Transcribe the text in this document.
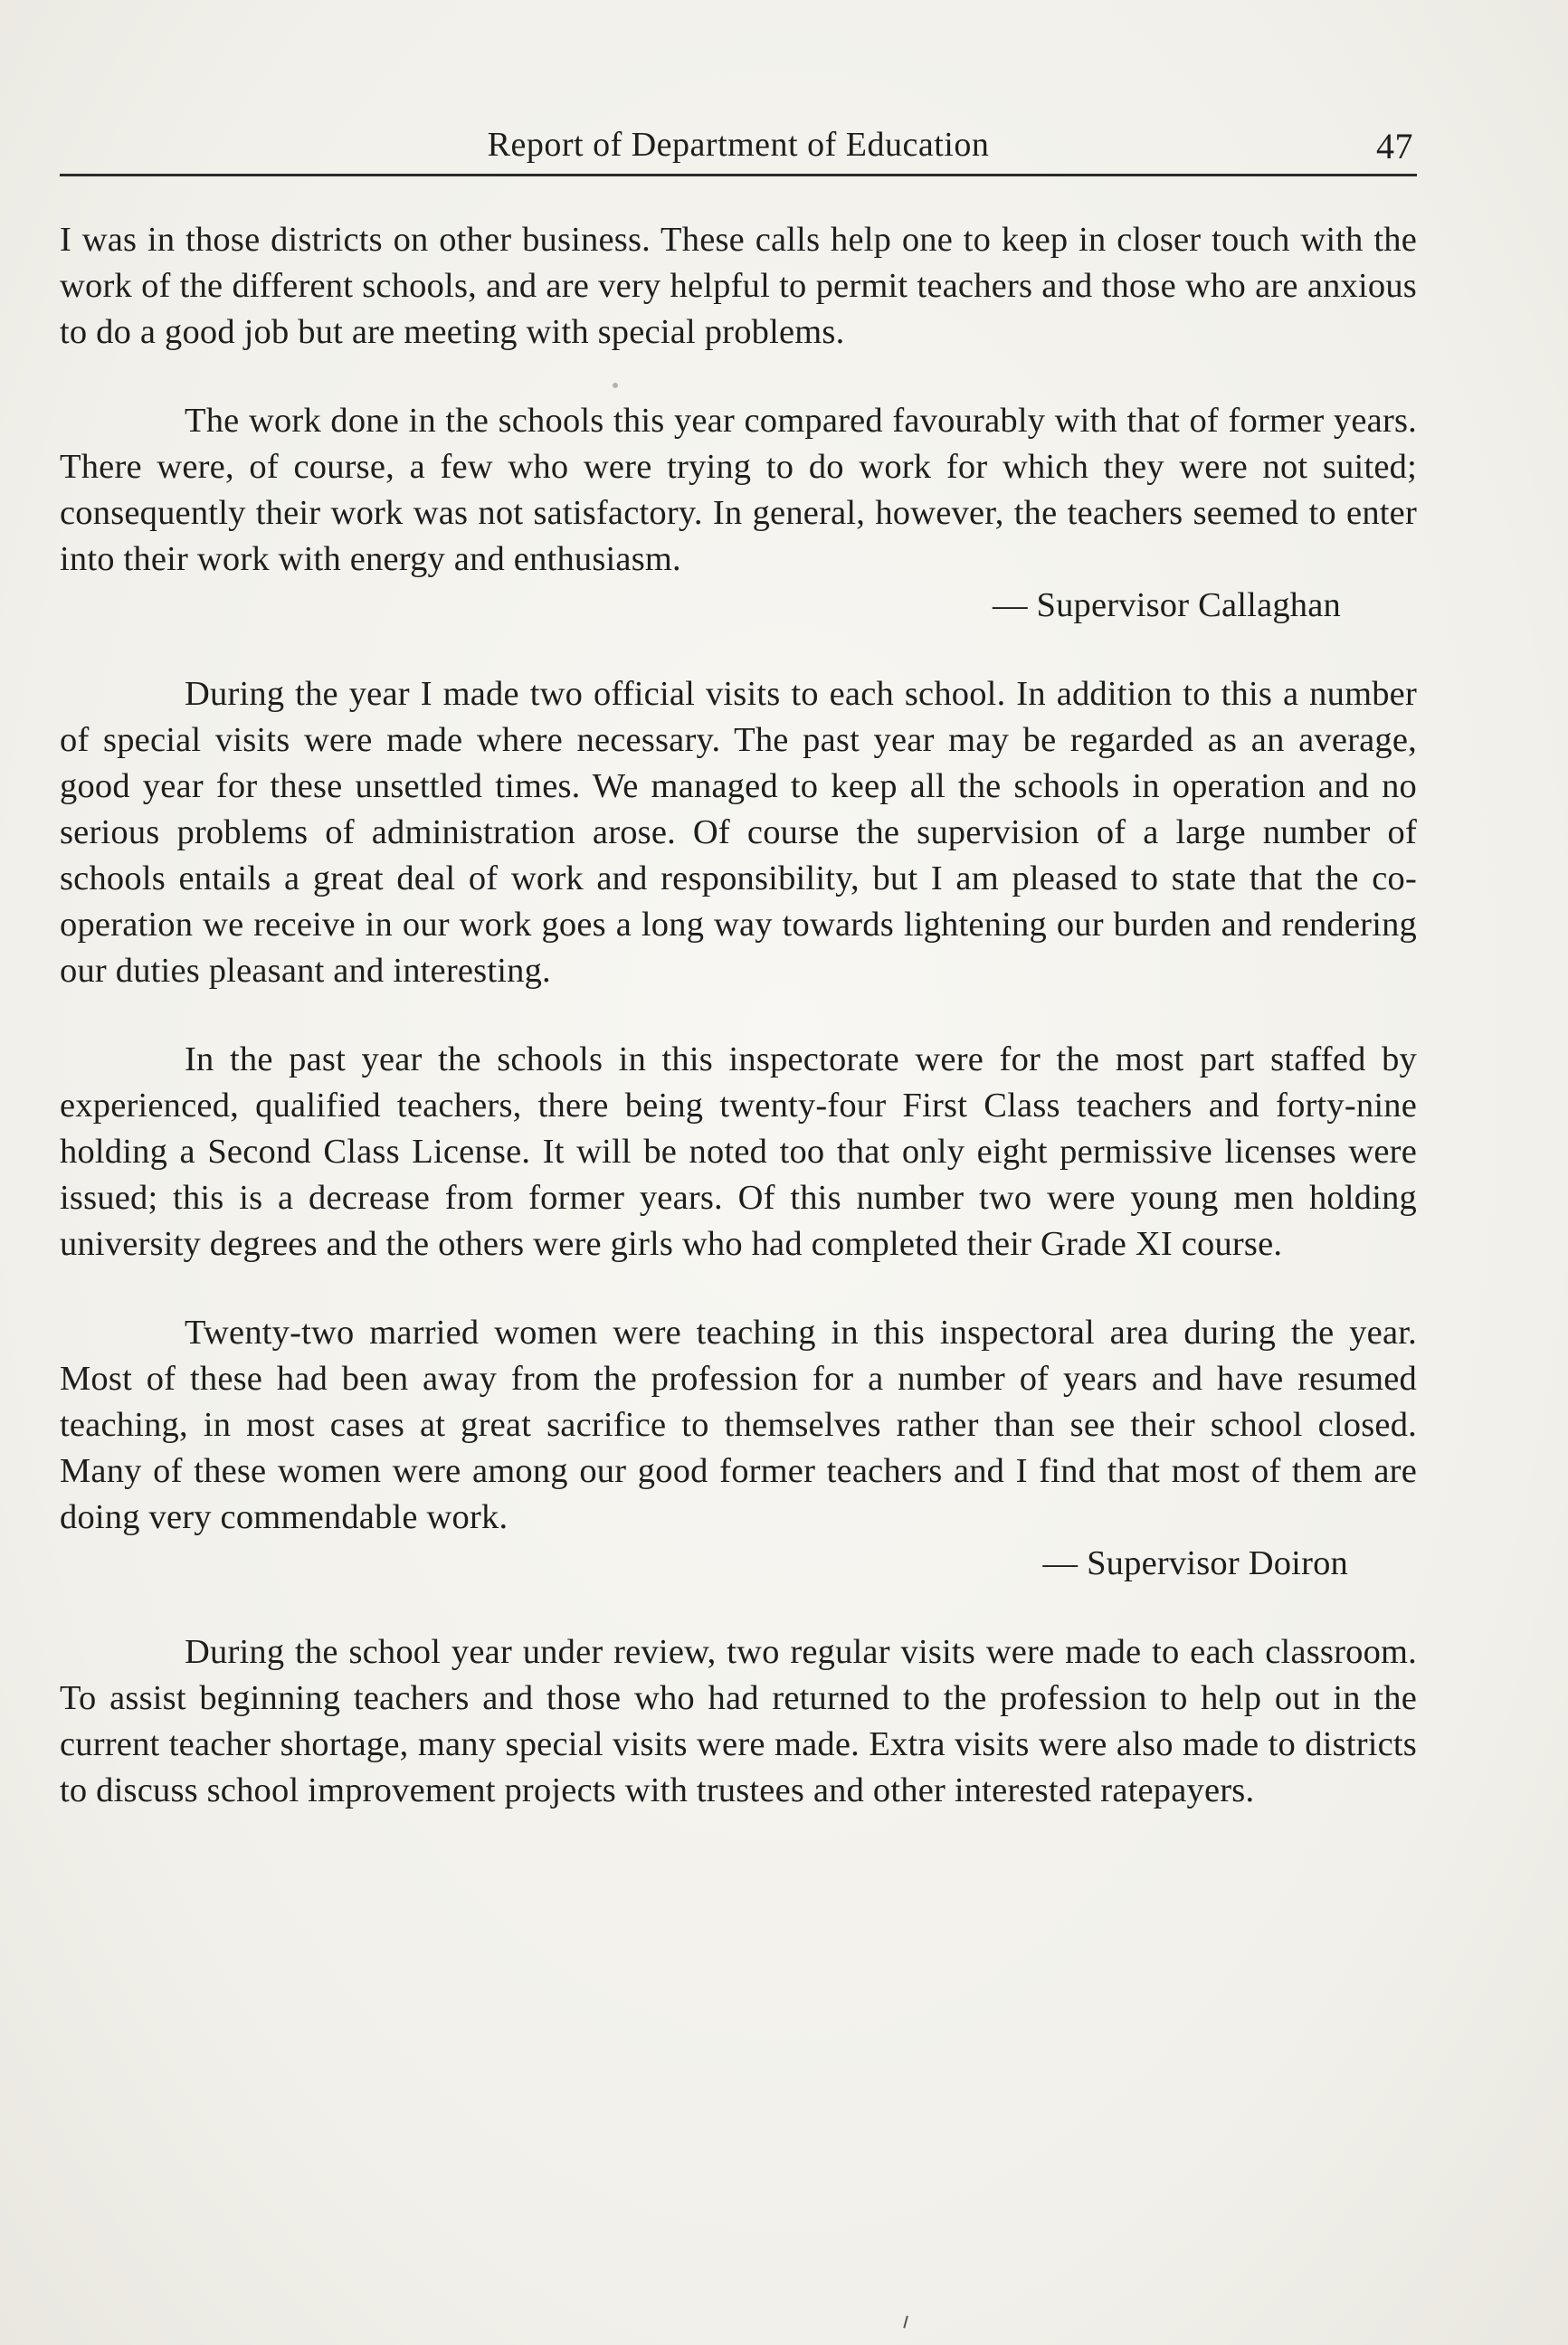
Report of Department of Education	47

I was in those districts on other business. These calls help one to keep in closer touch with the work of the different schools, and are very helpful to permit teachers and those who are anxious to do a good job but are meeting with special problems.

The work done in the schools this year compared favourably with that of former years. There were, of course, a few who were trying to do work for which they were not suited; consequently their work was not satisfactory. In general, however, the teachers seemed to enter into their work with energy and enthusiasm.

— Supervisor Callaghan

During the year I made two official visits to each school. In addition to this a number of special visits were made where necessary. The past year may be regarded as an average, good year for these unsettled times. We managed to keep all the schools in operation and no serious problems of administration arose. Of course the supervision of a large number of schools entails a great deal of work and responsibility, but I am pleased to state that the co-operation we receive in our work goes a long way towards lightening our burden and rendering our duties pleasant and interesting.

In the past year the schools in this inspectorate were for the most part staffed by experienced, qualified teachers, there being twenty-four First Class teachers and forty-nine holding a Second Class License. It will be noted too that only eight permissive licenses were issued; this is a decrease from former years. Of this number two were young men holding university degrees and the others were girls who had completed their Grade XI course.

Twenty-two married women were teaching in this inspectoral area during the year. Most of these had been away from the profession for a number of years and have resumed teaching, in most cases at great sacrifice to themselves rather than see their school closed. Many of these women were among our good former teachers and I find that most of them are doing very commendable work.

— Supervisor Doiron

During the school year under review, two regular visits were made to each classroom. To assist beginning teachers and those who had returned to the profession to help out in the current teacher shortage, many special visits were made. Extra visits were also made to districts to discuss school improvement projects with trustees and other interested ratepayers.
